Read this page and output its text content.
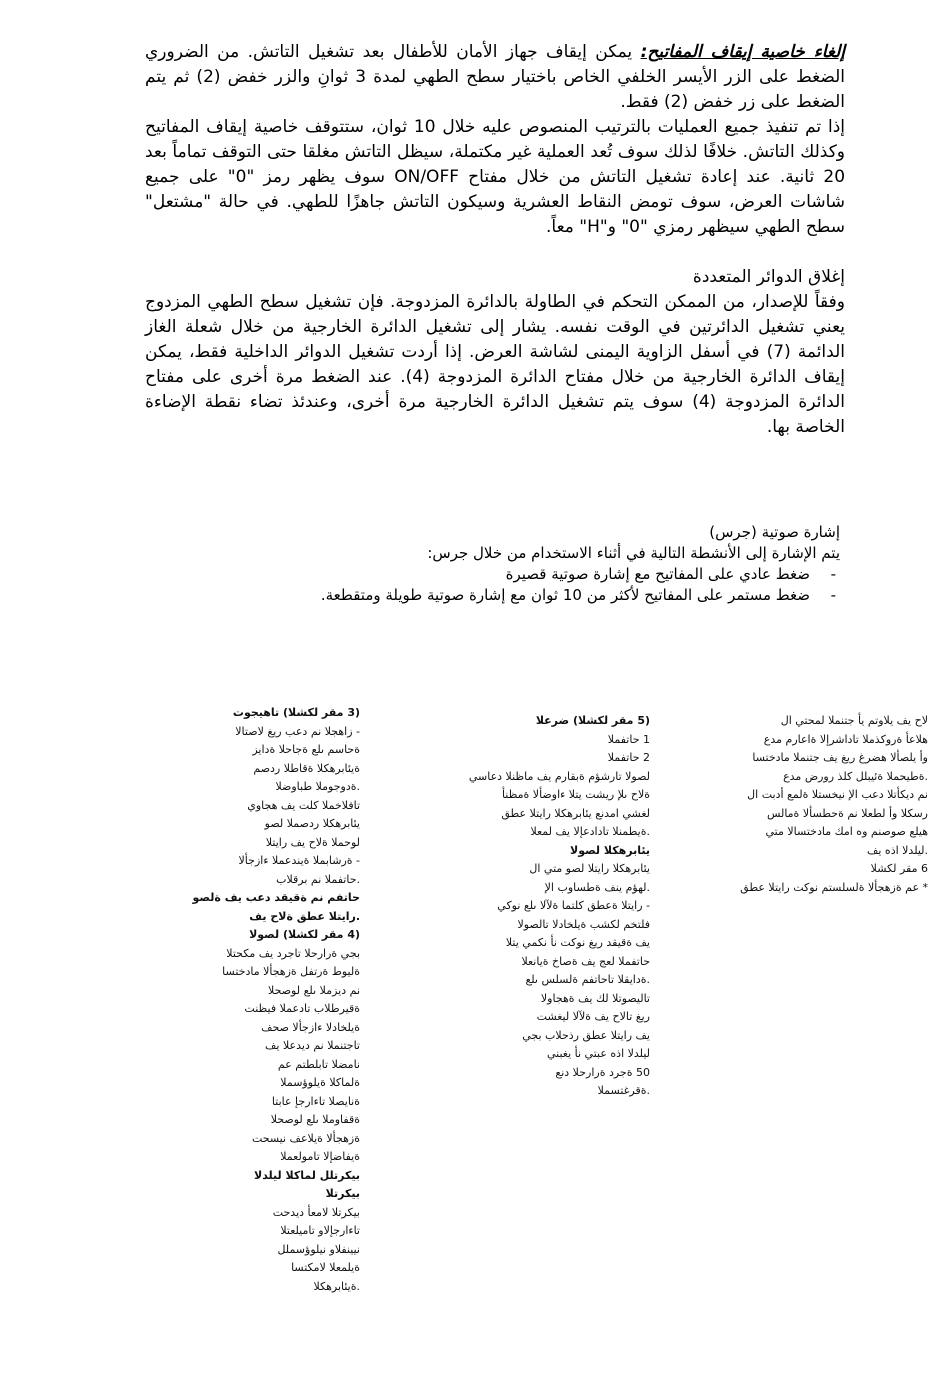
إلغاء خاصية إيقاف المفاتيح: يمكن إيقاف جهاز الأمان للأطفال بعد تشغيل التاتش. من الضروري الضغط على الزر الأيسر الخلفي الخاص باختيار سطح الطهي لمدة 3 ثوانِ والزر خفض (2) ثم يتم الضغط على زر خفض (2) فقط.

إذا تم تنفيذ جميع العمليات بالترتيب المنصوص عليه خلال 10 ثوان، ستتوقف خاصية إيقاف المفاتيح وكذلك التاتش. خلافًا لذلك سوف تُعد العملية غير مكتملة، سيظل التاتش مغلقا حتى التوقف تماماً بعد 20 ثانية. عند إعادة تشغيل التاتش من خلال مفتاح ON/OFF سوف يظهر رمز "0" على جميع شاشات العرض، سوف تومض النقاط العشرية وسيكون التاتش جاهزًا للطهي. في حالة "مشتعل" سطح الطهي سيظهر رمزي "0" و"H" معاً.

إغلاق الدوائر المتعددة

وفقاً للإصدار، من الممكن التحكم في الطاولة بالدائرة المزدوجة. فإن تشغيل سطح الطهي المزدوج يعني تشغيل الدائرتين في الوقت نفسه. يشار إلى تشغيل الدائرة الخارجية من خلال شعلة الغاز الدائمة (7) في أسفل الزاوية اليمنى لشاشة العرض. إذا أردت تشغيل الدوائر الداخلية فقط، يمكن إيقاف الدائرة الخارجية من خلال مفتاح الدائرة المزدوجة (4). عند الضغط مرة أخرى على مفتاح الدائرة المزدوجة (4) سوف يتم تشغيل الدائرة الخارجية مرة أخرى، وعندئذ تضاء نقطة الإضاءة الخاصة بها.

إشارة صوتية (جرس)

يتم الإشارة إلى الأنشطة التالية في أثناء الاستخدام من خلال جرس:

- ضغط عادي على المفاتيح مع إشارة صوتية قصيرة
- ضغط مستمر على المفاتيح لأكثر من 10 ثوان مع إشارة صوتية طويلة ومتقطعة.

لاح يف يلاوتم يأ جتنملا لمحتي ال

هلاعأ ةروكذملا تاداشرإلا ةاعارم مدع

وأ يلصألا هضرغ ريغ يف جتنملا مادختسا

.ةطيحملا ةئيبلل كلذ رورض مدع

نم ديكأتلا دعب الإ نيخستلا ةلمع أدبت ال

رسكلا وأ لطعلا نم ةحطسألا ةمالس

هيلع صوصنم وه امك مادختسالا متي

.ليلدلا اذه يف

6 مقر لكشلا

* عم ةزهجألا ةلسلستم نوكت رايتلا عطق

(5 مقر لكشلا) ضرعلا

1 حاتفملا

2 حاتفملا

لصولا تارشؤم ةبقارم يف ماظنلا دعاسي

ةلاح ىلإ ريشت يتلا ءاوضألا ةمظنأ

لغشي امدنع يئابرهكلا رايتلا عطق

.ةيطمنلا تادادعإلا يف لمعلا

يئابرهكلا لصولا

يئابرهكلا رايتلا لصو متي ال

.لهؤم ينف ةطساوب الإ

- رايتلا ةعطق كلتما ةلآلا ىلع نوكي

فلتخم لكشب ةيلخادلا تالصولا

يف ةقيقد ريغ نوكت نأ نكمي يتلا

حاتفملا لعج يف ةصاخ ةيانعلا

.ةدايقلا تاحاتفم ةلسلس ىلع

تاليصوتلا لك يف ةهجاولا

ريغ تالاح يف ةلآلا ليغشت

يف رايتلا عطق رذحلاب بجي

ليلدلا اذه عبتي نأ يغبني

50 ةجرد ةرارحلا دنع

.ةقرغتسملا

(3 مقر لكشلا) تاهيجوت

- زاهجلا نم دعب ريغ لاصتالا

ةحاسم ىلع ةجاحلا ةدايز

ةيئابرهكلا ةقاطلا ردصم

.ةدوجوملا طباوضلا

تافلاخملا كلت يف هجاوي

يئابرهكلا ردصملا لصو

لوحملا ةلاح يف رايتلا

- ةرشابملا ةيندعملا ءازجألا

.حاتفملا نم برقلاب

حاتفم نم ةقيقد دعب يف ةلصو

.رايتلا عطق ةلاح يف

(4 مقر لكشلا) لصولا

بجي ةرارحلا تاجرد يف مكحتلا

ةليوط ةرتفل ةزهجألا مادختسا

نم ديزملا ىلع لوصحلا

ةقيرطلاب تادعملا فيظنت

ةيلخادلا ءازجألا صحف

تاجتنملا نم ديدعلا يف

نامضلا تابلطتم عم

ةلماكلا ةيلوؤسملا

ةنايصلا تاءارجإ عابتا

ةقفاوملا ىلع لوصحلا

ةزهجألا ةيلاعف نيسحت

ةيفاضإلا تامولعملا

بيكرتلل لماكلا ليلدلا

بيكرتلا

بيكرتلا لامعأ ديدحت

تاءارجإلاو تاميلعتلا

نيينفلاو نيلوؤسملل

ةيلمعلا لامكتسا

.ةيئابرهكلا
